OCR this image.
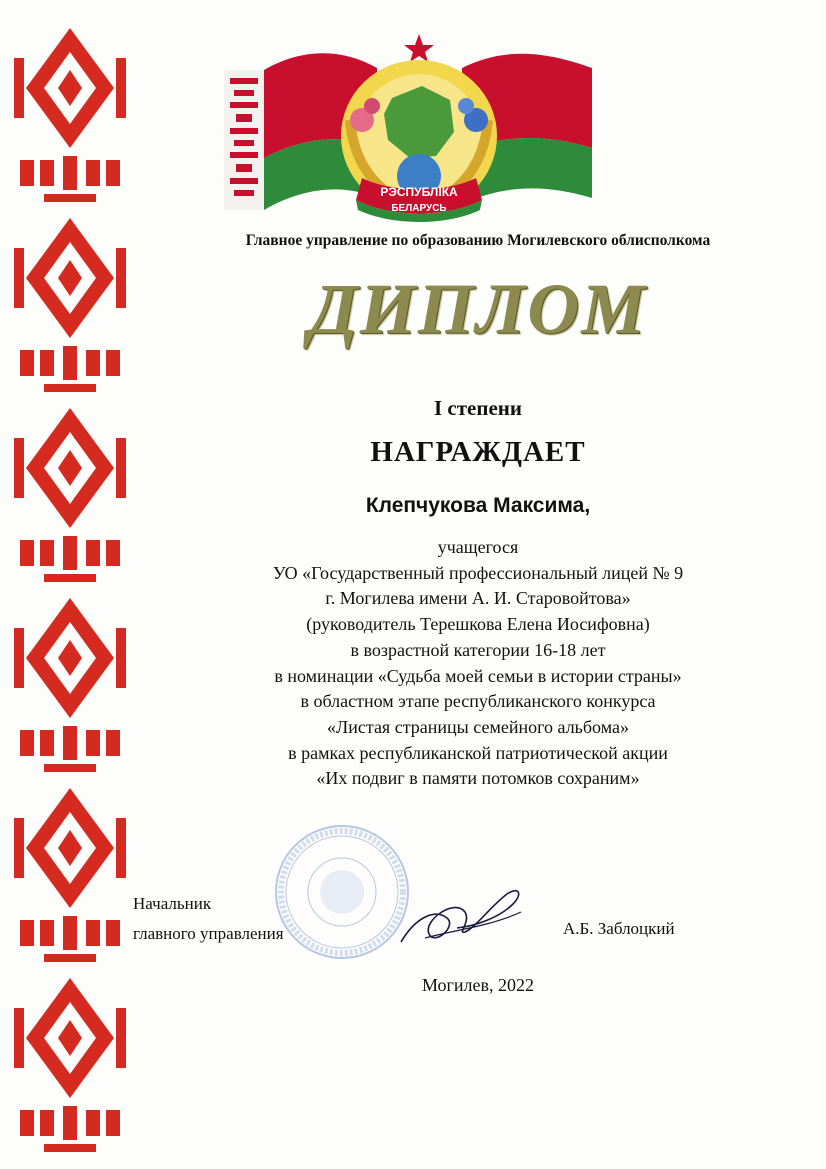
РЭСПУБЛІКА
БЕЛАРУСЬ
Главное управление по образованию Могилевского облисполкома
ДИПЛОМ
I степени
НАГРАЖДАЕТ
Клепчукова Максима,
учащегося
УО «Государственный профессиональный лицей № 9
г. Могилева имени А. И. Старовойтова»
(руководитель Терешкова Елена Иосифовна)
в возрастной категории 16-18 лет
в номинации «Судьба моей семьи в истории страны»
в областном этапе республиканского конкурса
«Листая страницы семейного альбома»
в рамках республиканской патриотической акции
«Их подвиг в памяти потомков сохраним»
Начальник
главного управления	А.Б. Заблоцкий
Могилев, 2022
